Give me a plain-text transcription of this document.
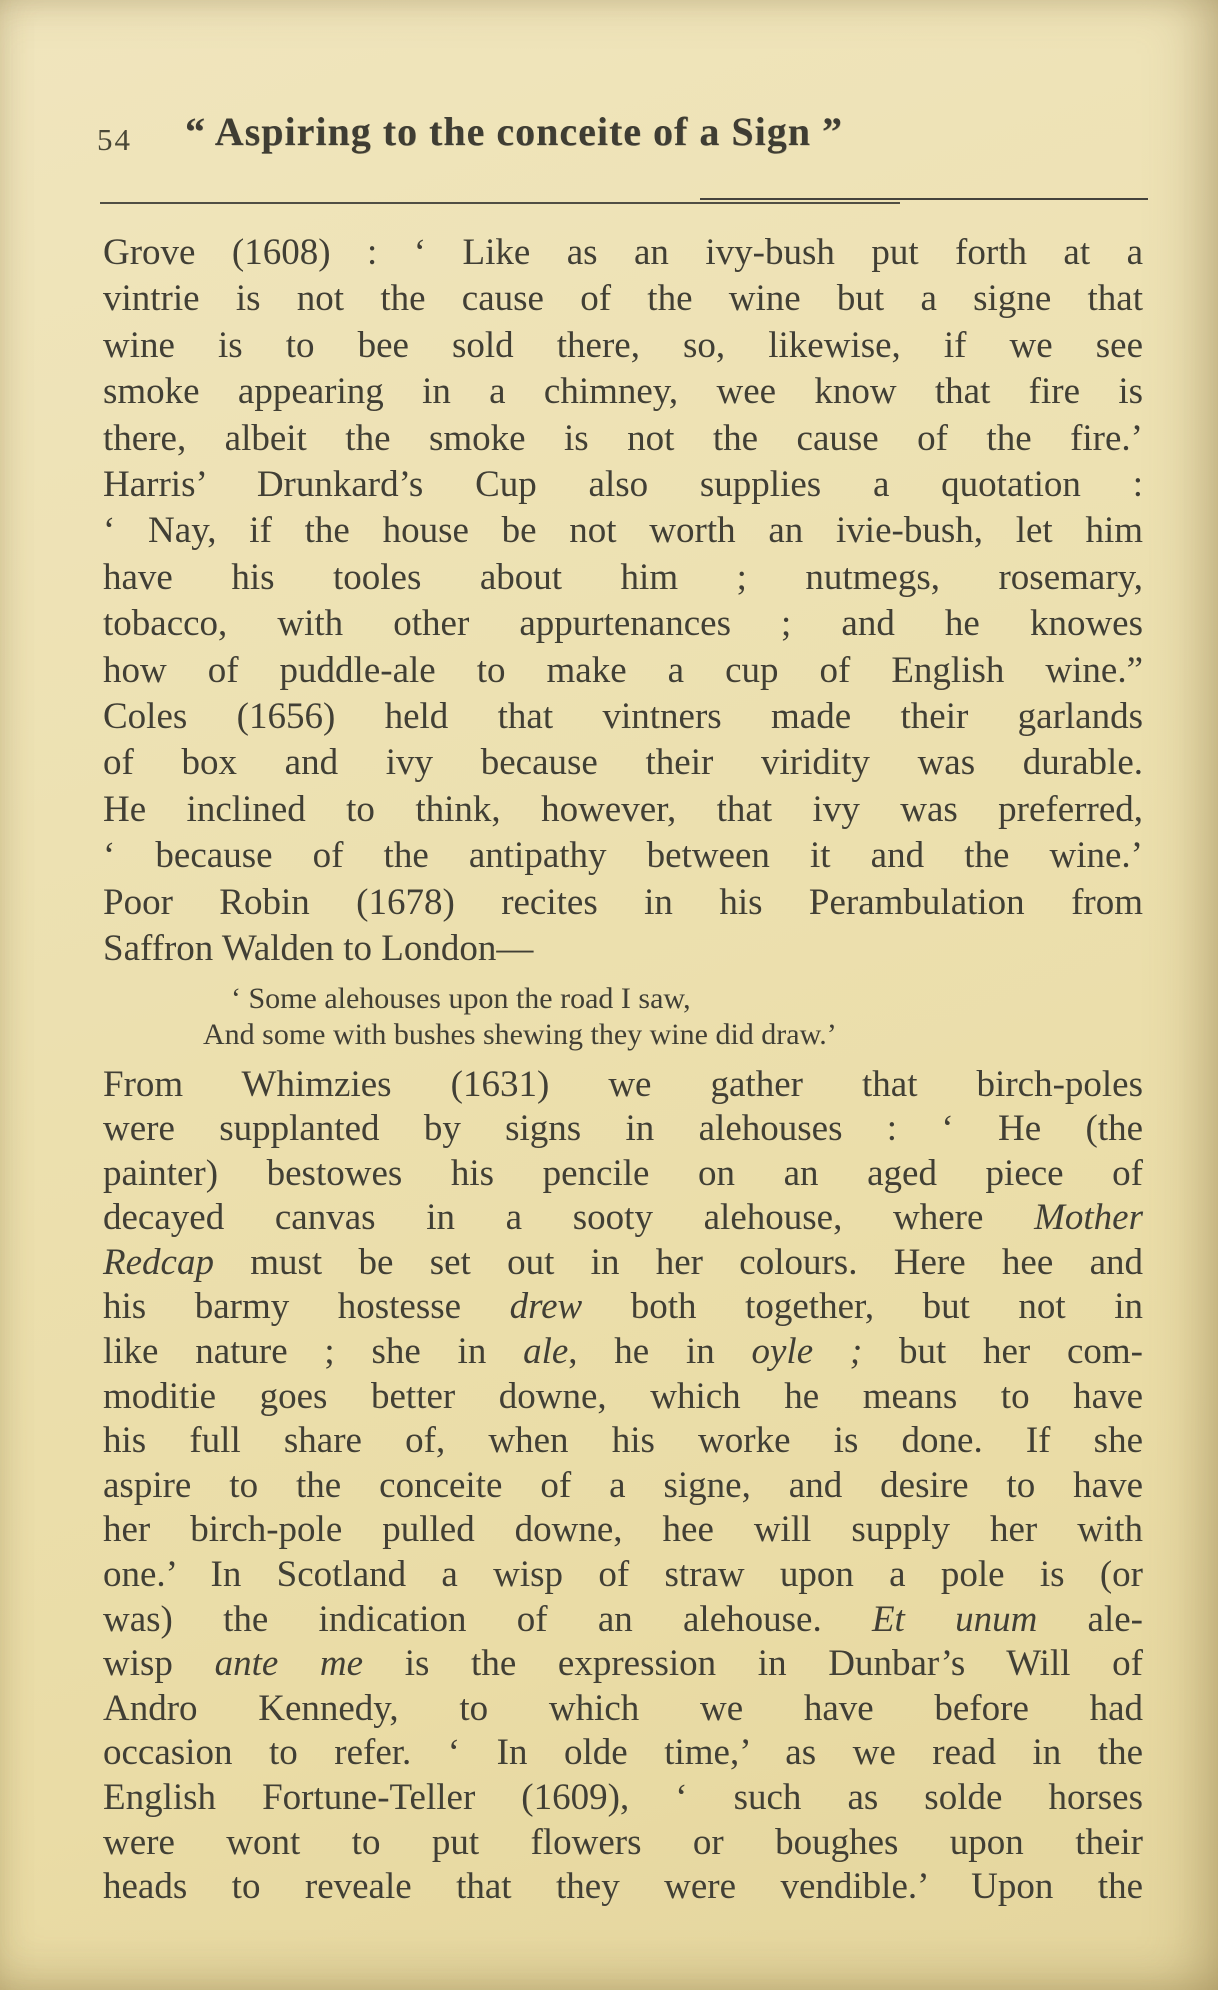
54 “ Aspiring to the conceite of a Sign ”
Grove (1608) : ‘ Like as an ivy-bush put forth at a
vintrie is not the cause of the wine but a signe that
wine is to bee sold there, so, likewise, if we see
smoke appearing in a chimney, wee know that fire is
there, albeit the smoke is not the cause of the fire.’
Harris’ Drunkard’s Cup also supplies a quotation :
‘ Nay, if the house be not worth an ivie-bush, let him
have his tooles about him ; nutmegs, rosemary,
tobacco, with other appurtenances ; and he knowes
how of puddle-ale to make a cup of English wine.”
Coles (1656) held that vintners made their garlands
of box and ivy because their viridity was durable.
He inclined to think, however, that ivy was preferred,
‘ because of the antipathy between it and the wine.’
Poor Robin (1678) recites in his Perambulation from
Saffron Walden to London—
‘ Some alehouses upon the road I saw,
And some with bushes shewing they wine did draw.’
From Whimzies (1631) we gather that birch-poles
were supplanted by signs in alehouses : ‘ He (the
painter) bestowes his pencile on an aged piece of
decayed canvas in a sooty alehouse, where Mother
Redcap must be set out in her colours. Here hee and
his barmy hostesse drew both together, but not in
like nature ; she in ale, he in oyle ; but her com-
moditie goes better downe, which he means to have
his full share of, when his worke is done. If she
aspire to the conceite of a signe, and desire to have
her birch-pole pulled downe, hee will supply her with
one.’ In Scotland a wisp of straw upon a pole is (or
was) the indication of an alehouse. Et unum ale-
wisp ante me is the expression in Dunbar’s Will of
Andro Kennedy, to which we have before had
occasion to refer. ‘ In olde time,’ as we read in the
English Fortune-Teller (1609), ‘ such as solde horses
were wont to put flowers or boughes upon their
heads to reveale that they were vendible.’ Upon the
